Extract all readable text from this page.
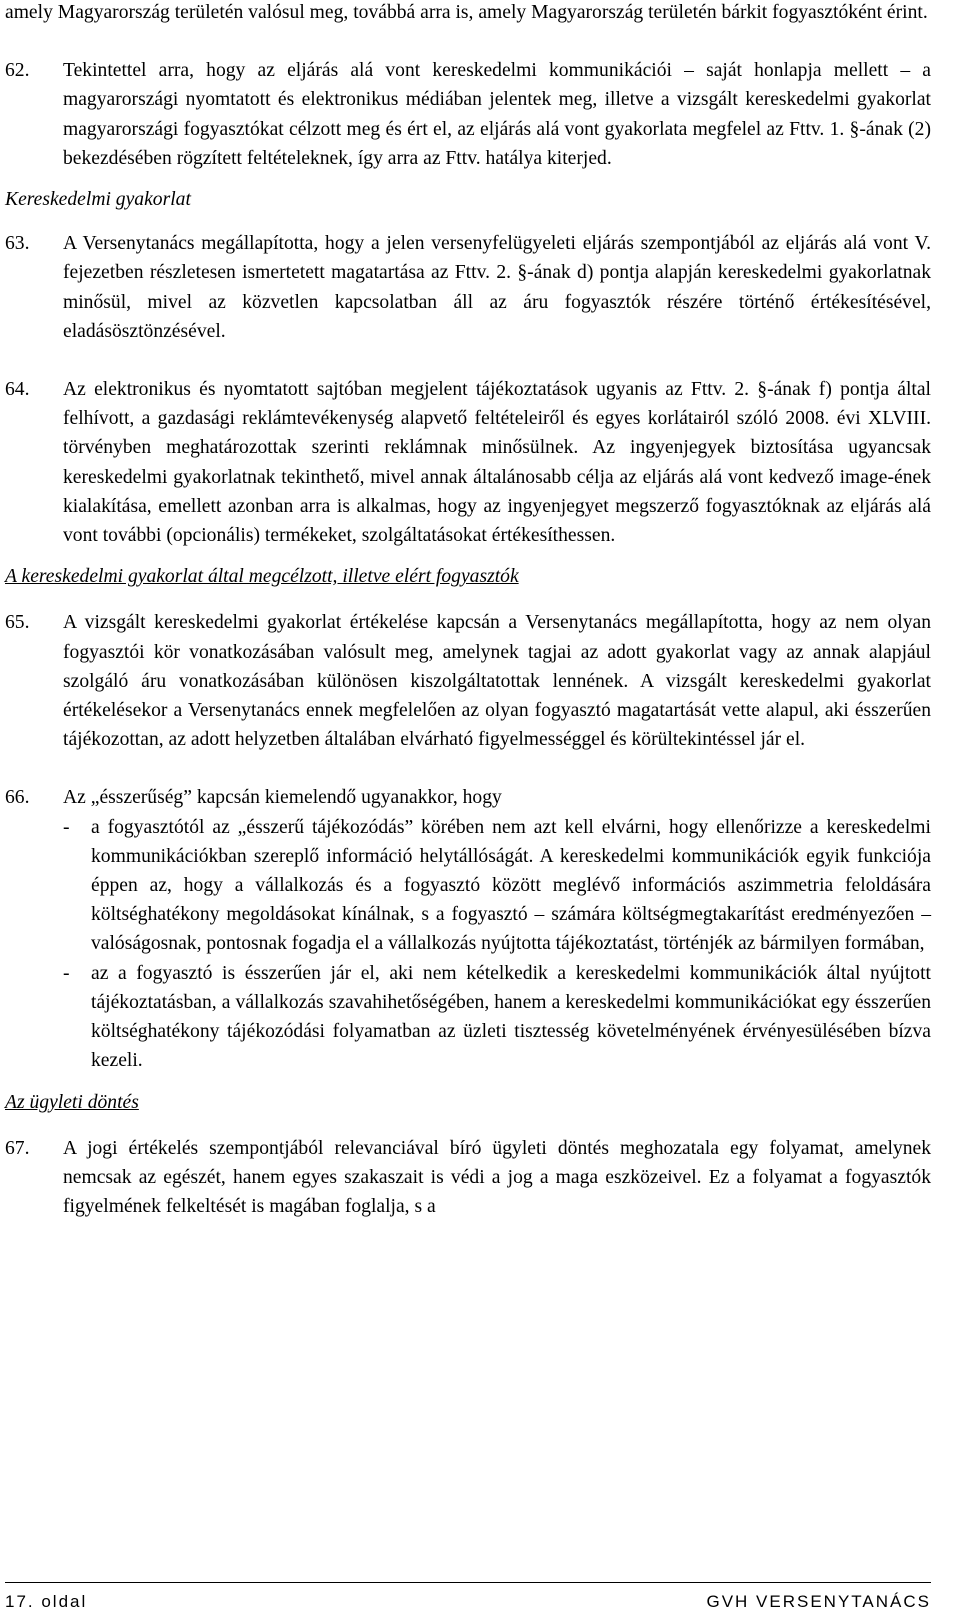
amely Magyarország területén valósul meg, továbbá arra is, amely Magyarország területén bárkit fogyasztóként érint.

62.	Tekintettel arra, hogy az eljárás alá vont kereskedelmi kommunikációi – saját honlapja mellett – a magyarországi nyomtatott és elektronikus médiában jelentek meg, illetve a vizsgált kereskedelmi gyakorlat magyarországi fogyasztókat célzott meg és ért el, az eljárás alá vont gyakorlata megfelel az Fttv. 1. §-ának (2) bekezdésében rögzített feltételeknek, így arra az Fttv. hatálya kiterjed.

Kereskedelmi gyakorlat

63.	A Versenytanács megállapította, hogy a jelen versenyfelügyeleti eljárás szempontjából az eljárás alá vont V. fejezetben részletesen ismertetett magatartása az Fttv. 2. §-ának d) pontja alapján kereskedelmi gyakorlatnak minősül, mivel az közvetlen kapcsolatban áll az áru fogyasztók részére történő értékesítésével, eladásösztönzésével.

64.	Az elektronikus és nyomtatott sajtóban megjelent tájékoztatások ugyanis az Fttv. 2. §-ának f) pontja által felhívott, a gazdasági reklámtevékenység alapvető feltételeiről és egyes korlátairól szóló 2008. évi XLVIII. törvényben meghatározottak szerinti reklámnak minősülnek. Az ingyenjegyek biztosítása ugyancsak kereskedelmi gyakorlatnak tekinthető, mivel annak általánosabb célja az eljárás alá vont kedvező image-ének kialakítása, emellett azonban arra is alkalmas, hogy az ingyenjegyet megszerző fogyasztóknak az eljárás alá vont további (opcionális) termékeket, szolgáltatásokat értékesíthessen.

A kereskedelmi gyakorlat által megcélzott, illetve elért fogyasztók

65.	A vizsgált kereskedelmi gyakorlat értékelése kapcsán a Versenytanács megállapította, hogy az nem olyan fogyasztói kör vonatkozásában valósult meg, amelynek tagjai az adott gyakorlat vagy az annak alapjául szolgáló áru vonatkozásában különösen kiszolgáltatottak lennének. A vizsgált kereskedelmi gyakorlat értékelésekor a Versenytanács ennek megfelelően az olyan fogyasztó magatartását vette alapul, aki ésszerűen tájékozottan, az adott helyzetben általában elvárható figyelmességgel és körültekintéssel jár el.

66.	Az „ésszerűség” kapcsán kiemelendő ugyanakkor, hogy

-	a fogyasztótól az „ésszerű tájékozódás” körében nem azt kell elvárni, hogy ellenőrizze a kereskedelmi kommunikációkban szereplő információ helytállóságát. A kereskedelmi kommunikációk egyik funkciója éppen az, hogy a vállalkozás és a fogyasztó között meglévő információs aszimmetria feloldására költséghatékony megoldásokat kínálnak, s a fogyasztó – számára költségmegtakarítást eredményezően – valóságosnak, pontosnak fogadja el a vállalkozás nyújtotta tájékoztatást, történjék az bármilyen formában,

-	az a fogyasztó is ésszerűen jár el, aki nem kételkedik a kereskedelmi kommunikációk által nyújtott tájékoztatásban, a vállalkozás szavahihetőségében, hanem a kereskedelmi kommunikációkat egy ésszerűen költséghatékony tájékozódási folyamatban az üzleti tisztesség követelményének érvényesülésében bízva kezeli.

Az ügyleti döntés

67.	A jogi értékelés szempontjából relevanciával bíró ügyleti döntés meghozatala egy folyamat, amelynek nemcsak az egészét, hanem egyes szakaszait is védi a jog a maga eszközeivel. Ez a folyamat a fogyasztók figyelmének felkeltését is magában foglalja, s a

17. oldal	GVH VERSENYTANÁCS
